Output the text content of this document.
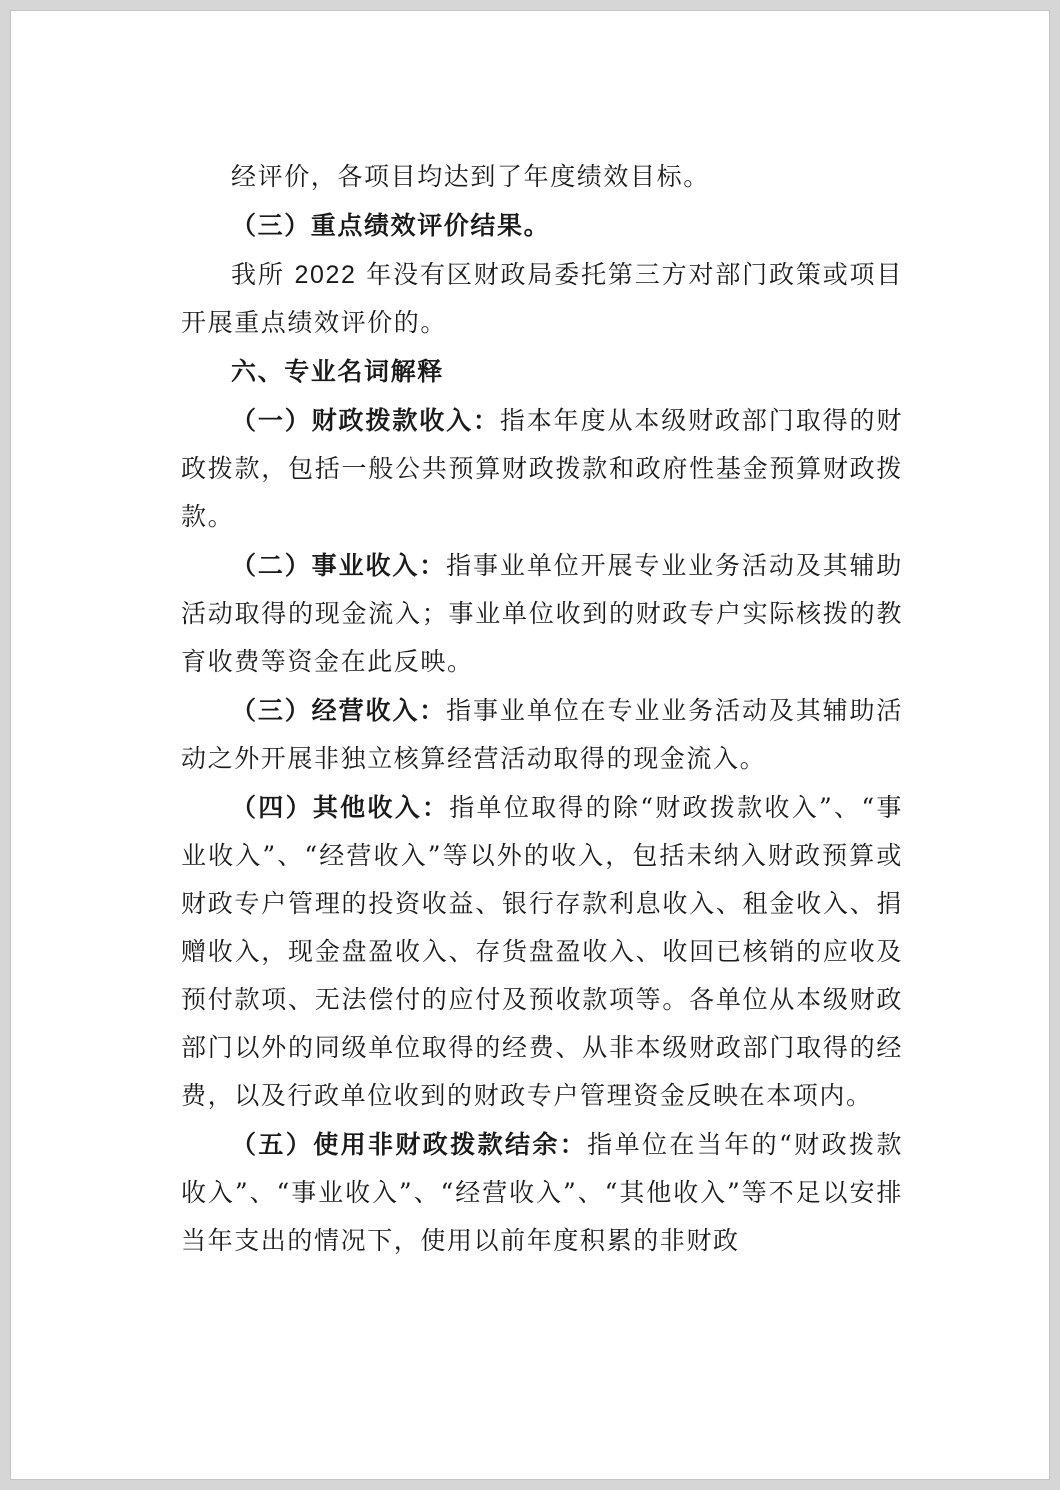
经评价，各项目均达到了年度绩效目标。

（三）重点绩效评价结果。

我所 2022 年没有区财政局委托第三方对部门政策或项目开展重点绩效评价的。

六、专业名词解释

（一）财政拨款收入：指本年度从本级财政部门取得的财政拨款，包括一般公共预算财政拨款和政府性基金预算财政拨款。

（二）事业收入：指事业单位开展专业业务活动及其辅助活动取得的现金流入；事业单位收到的财政专户实际核拨的教育收费等资金在此反映。

（三）经营收入：指事业单位在专业业务活动及其辅助活动之外开展非独立核算经营活动取得的现金流入。

（四）其他收入：指单位取得的除“财政拨款收入”、“事业收入”、“经营收入”等以外的收入，包括未纳入财政预算或财政专户管理的投资收益、银行存款利息收入、租金收入、捐赠收入，现金盘盈收入、存货盘盈收入、收回已核销的应收及预付款项、无法偿付的应付及预收款项等。各单位从本级财政部门以外的同级单位取得的经费、从非本级财政部门取得的经费，以及行政单位收到的财政专户管理资金反映在本项内。

（五）使用非财政拨款结余：指单位在当年的“财政拨款收入”、“事业收入”、“经营收入”、“其他收入”等不足以安排当年支出的情况下，使用以前年度积累的非财政
